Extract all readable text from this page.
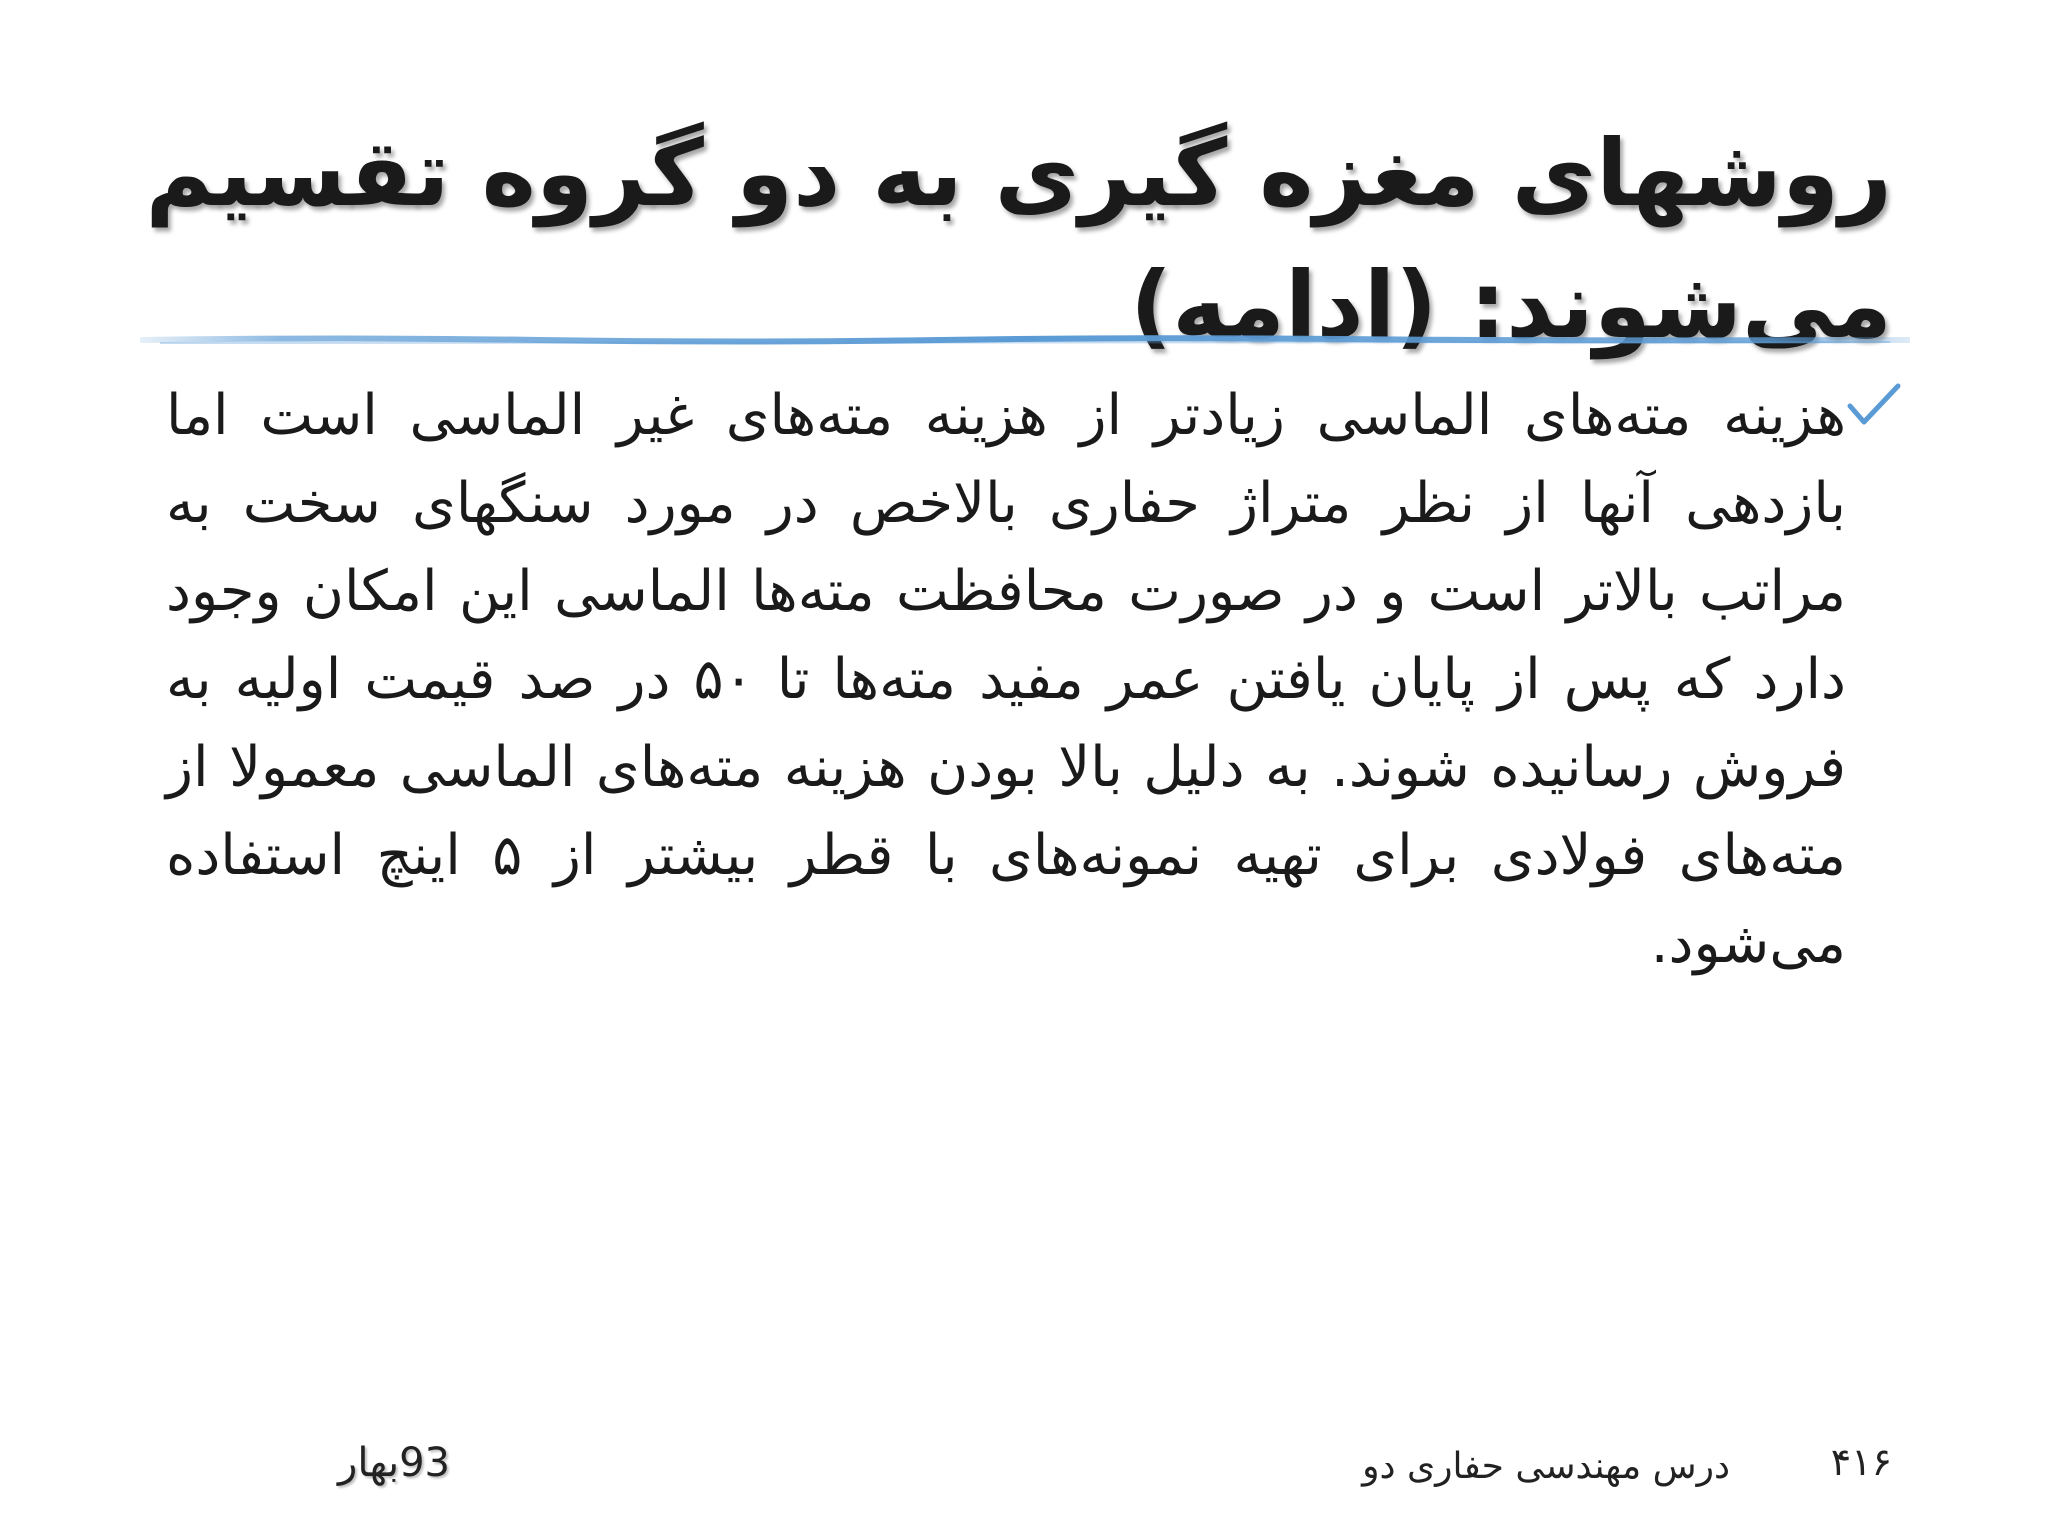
روشهای مغزه گیری به دو گروه تقسیم
می‌شوند: (ادامه)
هزینه مته‌های الماسی زیادتر از هزینه مته‌های غیر الماسی است اما بازدهی آنها از نظر متراژ حفاری بالاخص در مورد سنگهای سخت به مراتب بالاتر است و در صورت محافظت مته‌ها الماسی این امکان وجود دارد که پس از پایان یافتن عمر مفید مته‌ها تا ۵۰ در صد قیمت اولیه به فروش رسانیده شوند. به دلیل بالا بودن هزینه مته‌های الماسی معمولا از مته‌های فولادی برای تهیه نمونه‌های با قطر بیشتر از ۵ اینچ استفاده می‌شود.
۴۱۶
درس مهندسی حفاری دو
93بهار
